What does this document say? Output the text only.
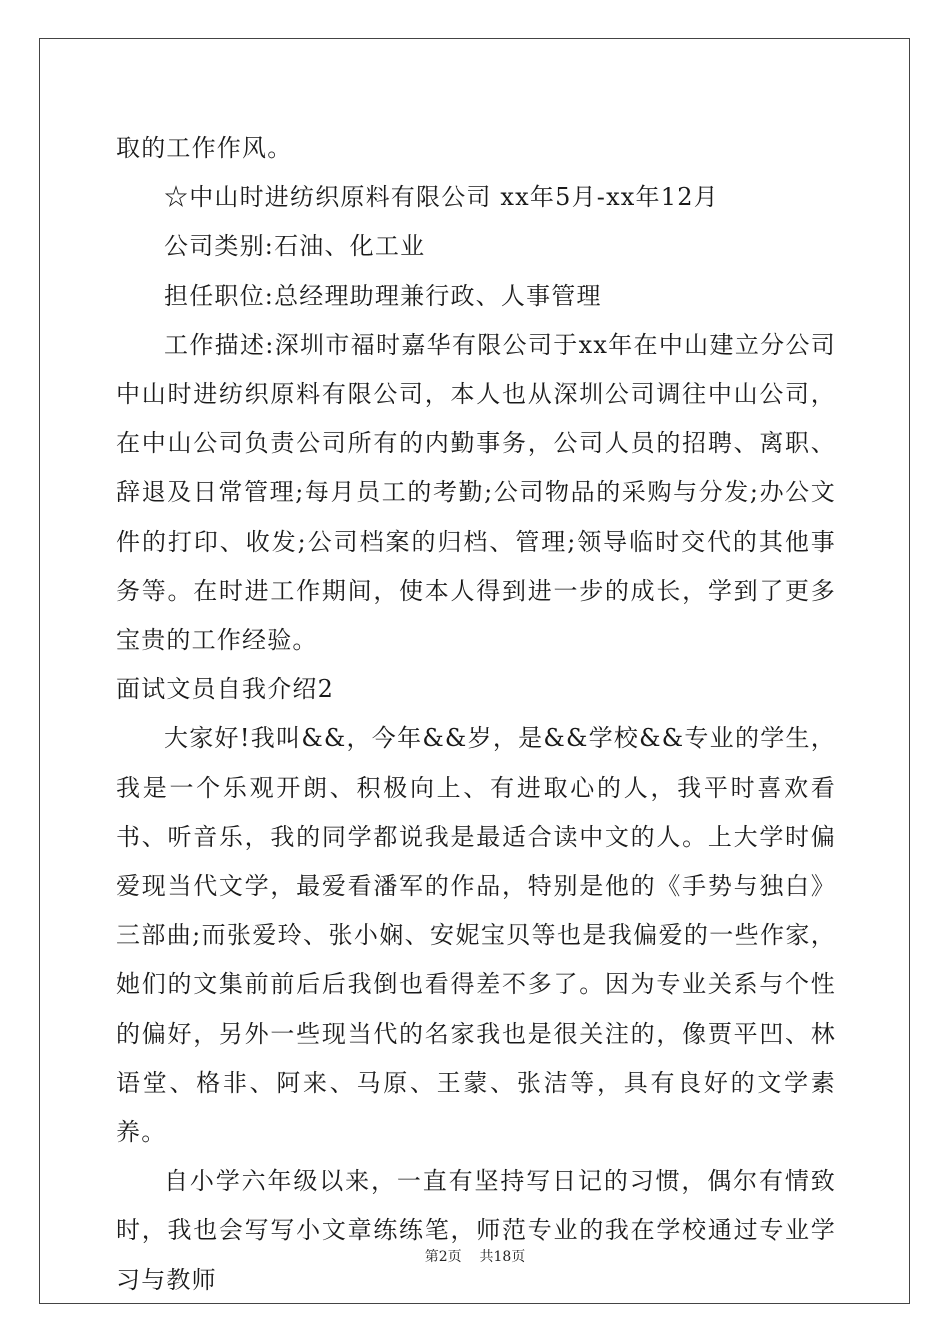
取的工作作风。

☆中山时进纺织原料有限公司 xx年5月-xx年12月

公司类别:石油、化工业

担任职位:总经理助理兼行政、人事管理

工作描述:深圳市福时嘉华有限公司于xx年在中山建立分公司中山时进纺织原料有限公司，本人也从深圳公司调往中山公司，在中山公司负责公司所有的内勤事务，公司人员的招聘、离职、辞退及日常管理;每月员工的考勤;公司物品的采购与分发;办公文件的打印、收发;公司档案的归档、管理;领导临时交代的其他事务等。在时进工作期间，使本人得到进一步的成长，学到了更多宝贵的工作经验。

面试文员自我介绍2

大家好!我叫&&，今年&&岁，是&&学校&&专业的学生，我是一个乐观开朗、积极向上、有进取心的人，我平时喜欢看书、听音乐，我的同学都说我是最适合读中文的人。上大学时偏爱现当代文学，最爱看潘军的作品，特别是他的《手势与独白》三部曲;而张爱玲、张小娴、安妮宝贝等也是我偏爱的一些作家，她们的文集前前后后我倒也看得差不多了。因为专业关系与个性的偏好，另外一些现当代的名家我也是很关注的，像贾平凹、林语堂、格非、阿来、马原、王蒙、张洁等，具有良好的文学素养。

自小学六年级以来，一直有坚持写日记的习惯，偶尔有情致时，我也会写写小文章练练笔，师范专业的我在学校通过专业学习与教师

第2页 共18页
